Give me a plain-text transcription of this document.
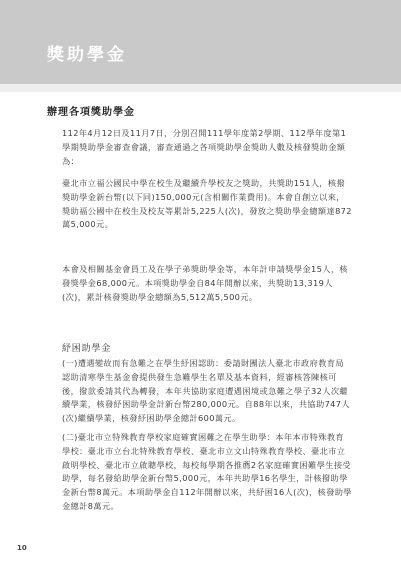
獎助學金
辦理各項獎助學金

112年4月12日及11月7日，分別召開111學年度第2學期、112學年度第1學期獎助學金審查會議，審查通過之各項獎助學金獎助人數及核發獎助金額為：

臺北市立福公國民中學在校生及繼續升學校友之獎助，共獎助151人，核撥獎助學金新台幣(以下同)150,000元(含相關作業費用)。本會自創立以來，獎助福公國中在校生及校友等累計5,225人(次)，發放之獎助學金總額達872萬5,000元。

本會及相關基金會員工及在學子弟獎助學金等，本年計申請獎學金15人，核發獎學金68,000元。本項獎助學金自84年開辦以來，共獎助13,319人(次)，累計核發獎助學金總額為5,512萬5,500元。

紓困助學金

(一)遭遇變故而有急難之在學生紓困認助：委請財團法人臺北市政府教育局認助清寒學生基金會提供發生急難學生名單及基本資料，經審核答陳核可後，撥款委請其代為轉發，本年共協助家庭遭遇困境或急難之學子32人次繼續學業，核發紓困助學金計新台幣280,000元。自88年以來，共協助747人(次)繼續學業，核發紓困助學金總計600萬元。

(二)臺北市立特殊教育學校家庭確實困難之在學生助學：本年本市特殊教育學校：臺北市立台北特殊教育學校、臺北市立文山特殊教育學校、臺北市立啟明學校、臺北市立啟聰學校，每校每學期各推薦2名家庭確實困難學生接受助學，每名發給助學金新台幣5,000元，本年共助學16名學生，計核撥助學金新台幣8萬元。本項助學金自112年開辦以來，共紓困16人(次)，核發助學金總計8萬元。

10
